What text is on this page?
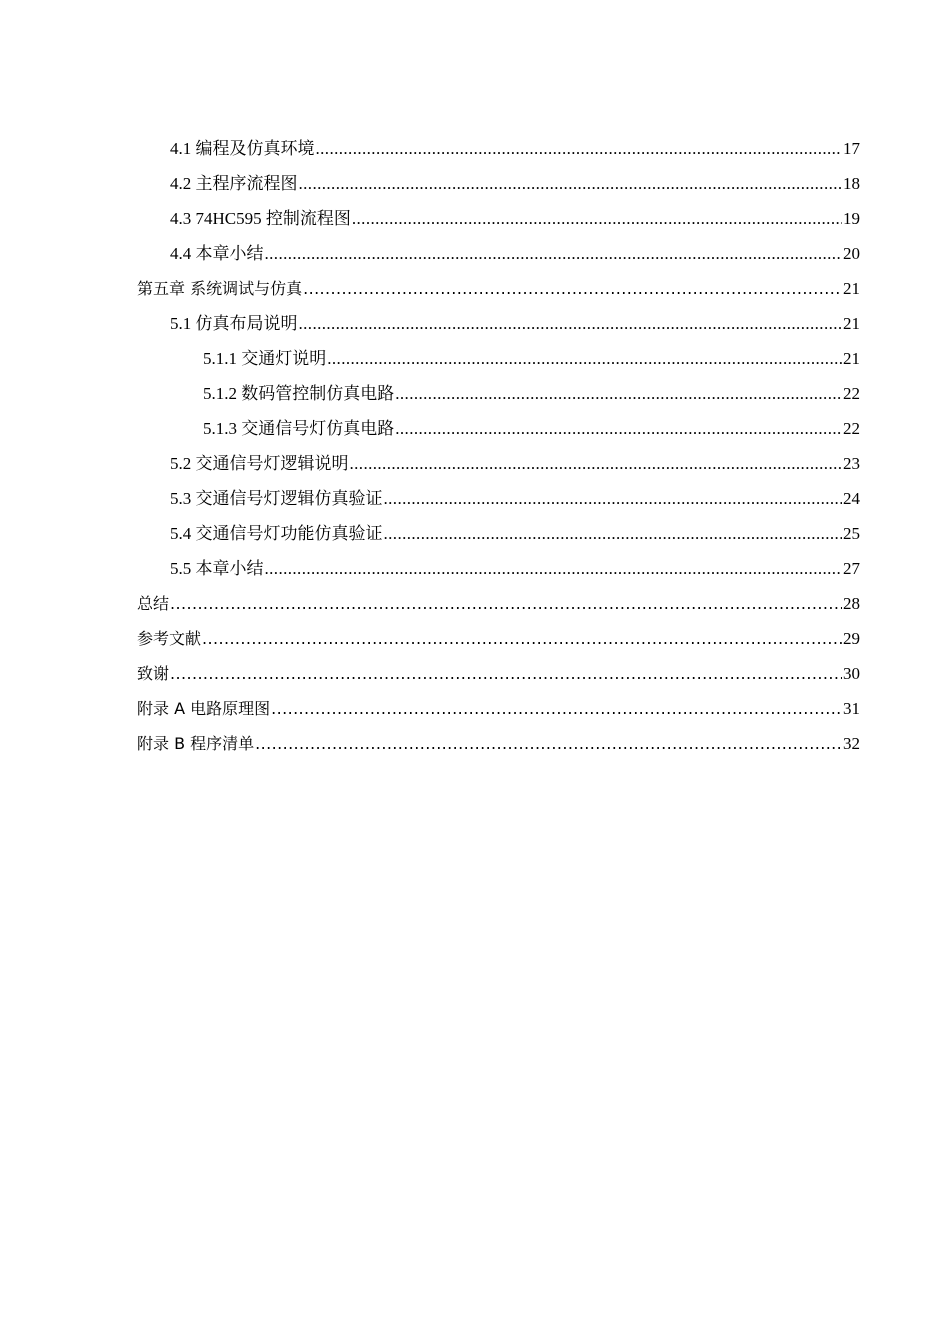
4.1 编程及仿真环境 .....	17
4.2 主程序流程图 .....	18
4.3 74HC595 控制流程图 .....	19
4.4 本章小结 .....	20
第五章 系统调试与仿真 .....	21
5.1 仿真布局说明 .....	21
5.1.1 交通灯说明 .....	21
5.1.2 数码管控制仿真电路 .....	22
5.1.3 交通信号灯仿真电路 .....	22
5.2 交通信号灯逻辑说明 .....	23
5.3 交通信号灯逻辑仿真验证 .....	24
5.4 交通信号灯功能仿真验证 .....	25
5.5 本章小结 .....	27
总结 .....	28
参考文献 .....	29
致谢 .....	30
附录 A 电路原理图 .....	31
附录 B 程序清单 .....	32
